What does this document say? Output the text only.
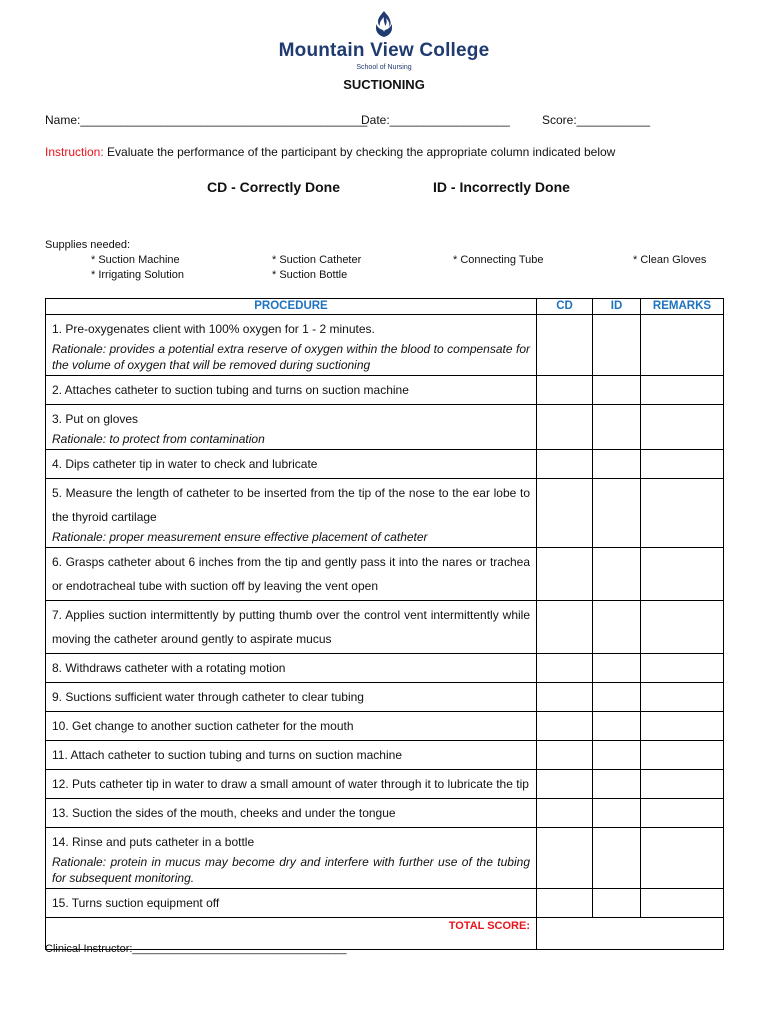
Mountain View College
School of Nursing
SUCTIONING
Name:___________________________________________
Date:__________________	Score:___________
Instruction: Evaluate the performance of the participant by checking the appropriate column indicated below
CD - Correctly Done	ID - Incorrectly Done
Supplies needed:
* Suction Machine	* Suction Catheter	* Connecting Tube	* Clean Gloves
* Irrigating Solution	* Suction Bottle
PROCEDURE	CD	ID	REMARKS

1. Pre-oxygenates client with 100% oxygen for 1 - 2 minutes.
Rationale: provides a potential extra reserve of oxygen within the blood to compensate for the volume of oxygen that will be removed during suctioning			

2. Attaches catheter to suction tubing and turns on suction machine			

3. Put on gloves
Rationale: to protect from contamination			

4. Dips catheter tip in water to check and lubricate			

5. Measure the length of catheter to be inserted from the tip of the nose to the ear lobe to the thyroid cartilage
Rationale: proper measurement ensure effective placement of catheter			

6. Grasps catheter about 6 inches from the tip and gently pass it into the nares or trachea or endotracheal tube with suction off by leaving the vent open			

7. Applies suction intermittently by putting thumb over the control vent intermittently while moving the catheter around gently to aspirate mucus			

8. Withdraws catheter with a rotating motion			

9. Suctions sufficient water through catheter to clear tubing			

10. Get change to another suction catheter for the mouth			

11. Attach catheter to suction tubing and turns on suction machine			

12. Puts catheter tip in water to draw a small amount of water through it to lubricate the tip			

13. Suction the sides of the mouth, cheeks and under the tongue			

14. Rinse and puts catheter in a bottle
Rationale: protein in mucus may become dry and interfere with further use of the tubing for subsequent monitoring.			

15. Turns suction equipment off			

TOTAL SCORE:			
Clinical Instructor:___________________________________
